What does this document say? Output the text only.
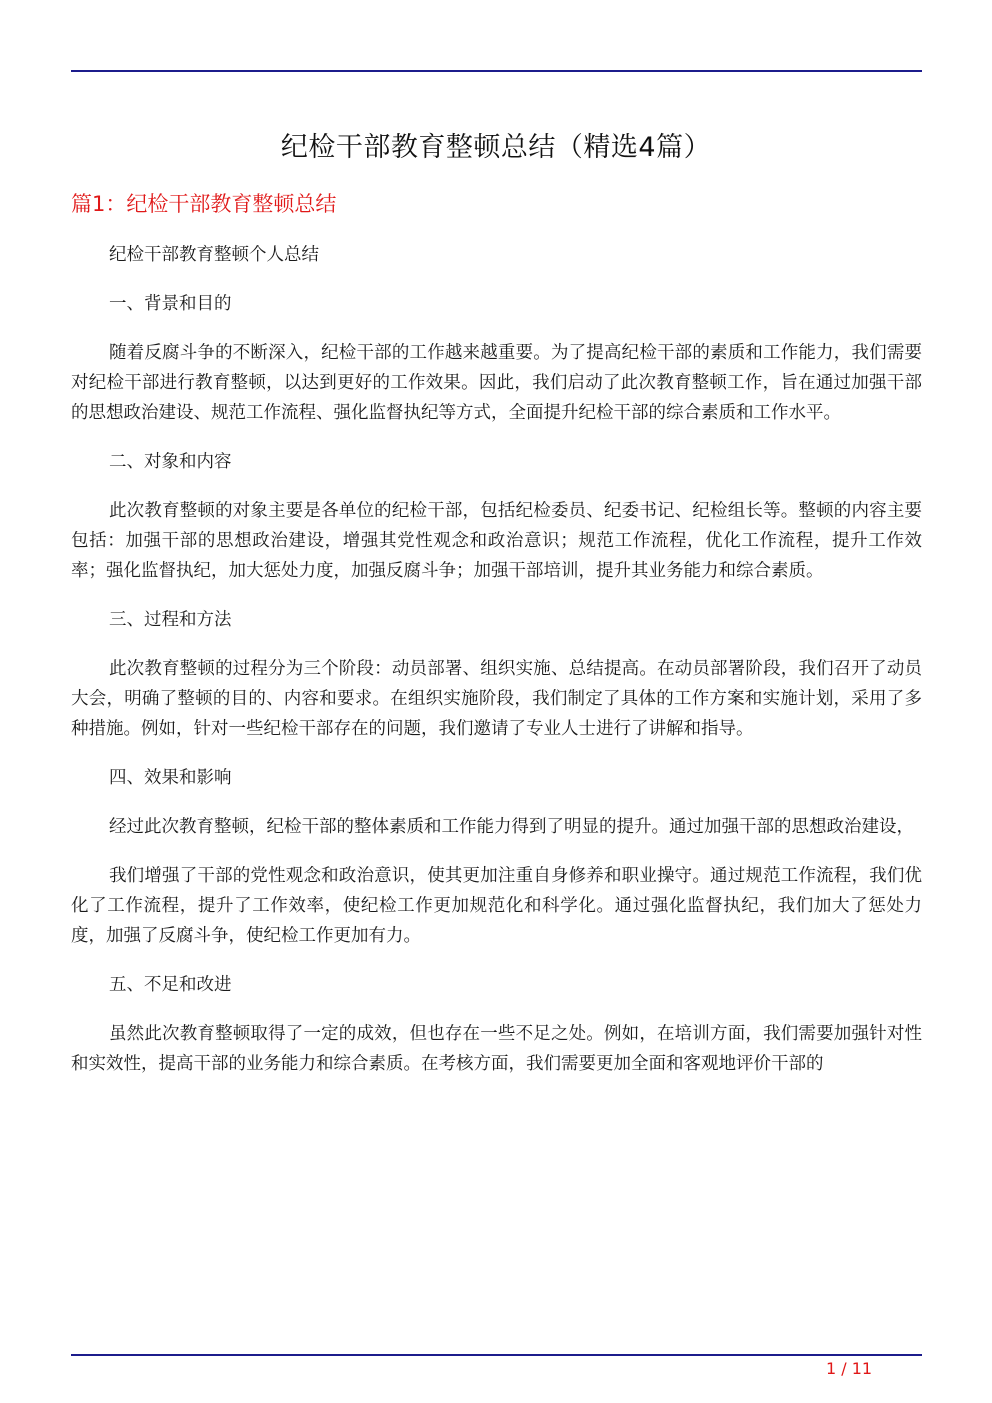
纪检干部教育整顿总结（精选4篇）
篇1：纪检干部教育整顿总结

纪检干部教育整顿个人总结

一、背景和目的

随着反腐斗争的不断深入，纪检干部的工作越来越重要。为了提高纪检干部的素质和工作能力，我们需要对纪检干部进行教育整顿，以达到更好的工作效果。因此，我们启动了此次教育整顿工作，旨在通过加强干部的思想政治建设、规范工作流程、强化监督执纪等方式，全面提升纪检干部的综合素质和工作水平。

二、对象和内容

此次教育整顿的对象主要是各单位的纪检干部，包括纪检委员、纪委书记、纪检组长等。整顿的内容主要包括：加强干部的思想政治建设，增强其党性观念和政治意识；规范工作流程，优化工作流程，提升工作效率；强化监督执纪，加大惩处力度，加强反腐斗争；加强干部培训，提升其业务能力和综合素质。

三、过程和方法

此次教育整顿的过程分为三个阶段：动员部署、组织实施、总结提高。在动员部署阶段，我们召开了动员大会，明确了整顿的目的、内容和要求。在组织实施阶段，我们制定了具体的工作方案和实施计划，采用了多种措施。例如，针对一些纪检干部存在的问题，我们邀请了专业人士进行了讲解和指导。

四、效果和影响

经过此次教育整顿，纪检干部的整体素质和工作能力得到了明显的提升。通过加强干部的思想政治建设，

我们增强了干部的党性观念和政治意识，使其更加注重自身修养和职业操守。通过规范工作流程，我们优化了工作流程，提升了工作效率，使纪检工作更加规范化和科学化。通过强化监督执纪，我们加大了惩处力度，加强了反腐斗争，使纪检工作更加有力。

五、不足和改进

虽然此次教育整顿取得了一定的成效，但也存在一些不足之处。例如，在培训方面，我们需要加强针对性和实效性，提高干部的业务能力和综合素质。在考核方面，我们需要更加全面和客观地评价干部的

1 / 11
